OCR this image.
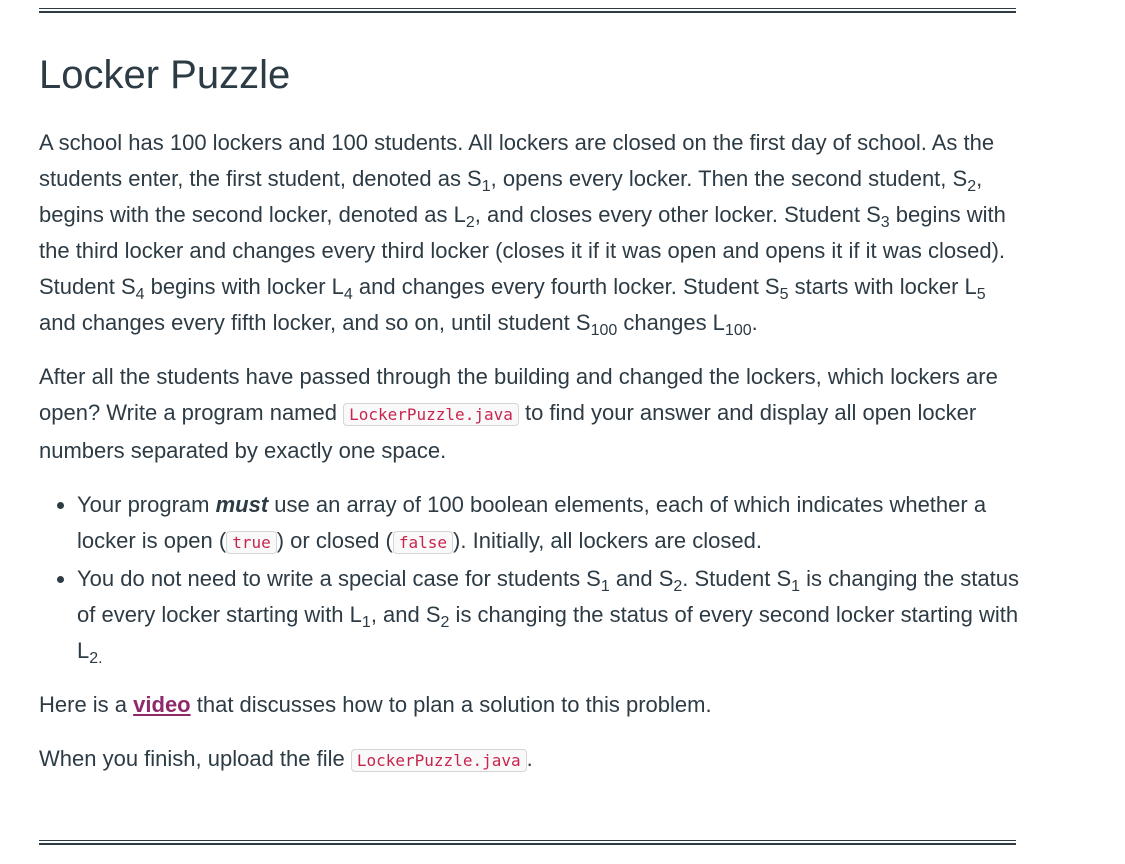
Locker Puzzle

A school has 100 lockers and 100 students. All lockers are closed on the first day of school. As the students enter, the first student, denoted as $S_1$, opens every locker. Then the second student, $S_2$, begins with the second locker, denoted as $L_2$, and closes every other locker. Student $S_3$ begins with the third locker and changes every third locker (closes it if it was open and opens it if it was closed). Student $S_4$ begins with locker $L_4$ and changes every fourth locker. Student $S_5$ starts with locker $L_5$ and changes every fifth locker, and so on, until student $S_{100}$ changes $L_{100}$.

After all the students have passed through the building and changed the lockers, which lockers are open? Write a program named LockerPuzzle.java to find your answer and display all open locker numbers separated by exactly one space.

• Your program must use an array of 100 boolean elements, each of which indicates whether a locker is open ( true ) or closed ( false ). Initially, all lockers are closed.
• You do not need to write a special case for students $S_1$ and $S_2$. Student $S_1$ is changing the status of every locker starting with $L_1$, and $S_2$ is changing the status of every second locker starting with $L_{2.}$

Here is a video that discusses how to plan a solution to this problem.

When you finish, upload the file LockerPuzzle.java .
